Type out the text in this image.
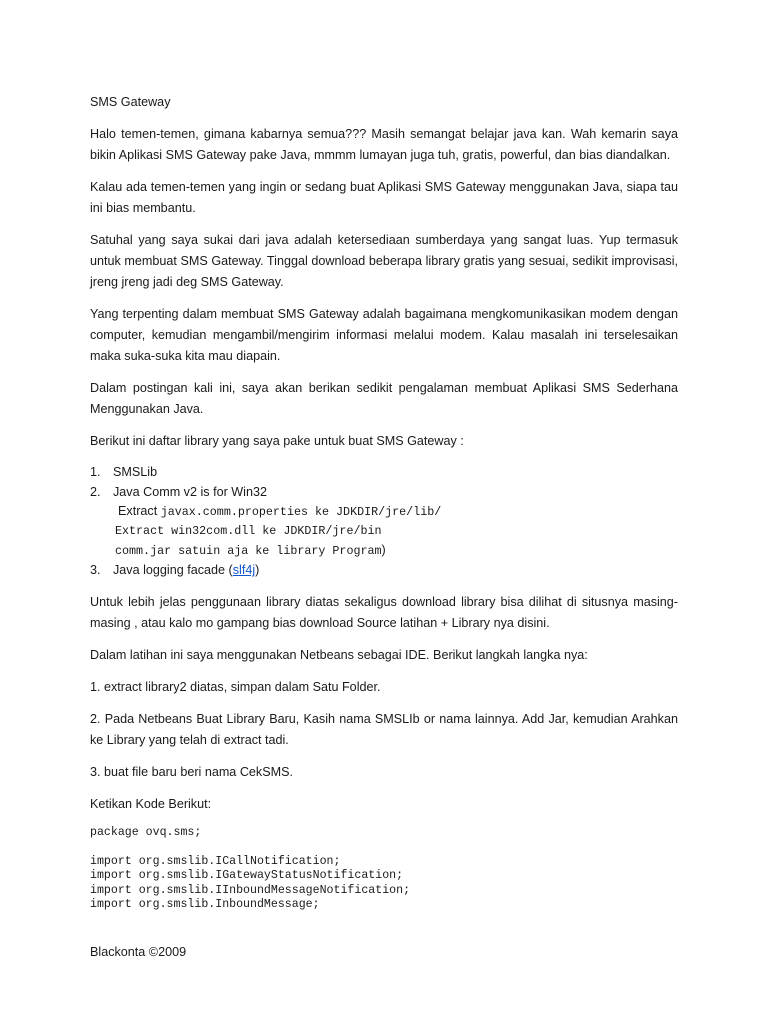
SMS Gateway

Halo temen-temen, gimana kabarnya semua??? Masih semangat belajar java kan. Wah kemarin saya bikin Aplikasi SMS Gateway pake Java, mmmm lumayan juga tuh, gratis, powerful, dan bias diandalkan.

Kalau ada temen-temen yang ingin or sedang buat Aplikasi SMS Gateway menggunakan Java, siapa tau ini bias membantu.

Satuhal yang saya sukai dari java adalah ketersediaan sumberdaya yang sangat luas. Yup termasuk untuk membuat SMS Gateway. Tinggal download beberapa library gratis yang sesuai, sedikit improvisasi, jreng jreng jadi deg SMS Gateway.

Yang terpenting dalam membuat SMS Gateway adalah bagaimana mengkomunikasikan modem dengan computer, kemudian mengambil/mengirim informasi melalui modem. Kalau masalah ini terselesaikan maka suka-suka kita mau diapain.

Dalam postingan kali ini, saya akan berikan sedikit pengalaman membuat Aplikasi SMS Sederhana Menggunakan Java.

Berikut ini daftar library yang saya pake untuk buat SMS Gateway :

1. SMSLib
2. Java Comm v2 is for Win32
Extract javax.comm.properties ke JDKDIR/jre/lib/
Extract win32com.dll ke JDKDIR/jre/bin
comm.jar satuin aja ke library Program)
3. Java logging facade (slf4j)

Untuk lebih jelas penggunaan library diatas sekaligus download library bisa dilihat di situsnya masing-masing , atau kalo mo gampang bias download Source latihan + Library nya disini.

Dalam latihan ini saya menggunakan Netbeans sebagai IDE. Berikut langkah langka nya:

1. extract library2 diatas, simpan dalam Satu Folder.

2. Pada Netbeans Buat Library Baru, Kasih nama SMSLIb or nama lainnya. Add Jar, kemudian Arahkan ke Library yang telah di extract tadi.

3. buat file baru beri nama CekSMS.

Ketikan Kode Berikut:

package ovq.sms;

import org.smslib.ICallNotification;
import org.smslib.IGatewayStatusNotification;
import org.smslib.IInboundMessageNotification;
import org.smslib.InboundMessage;
Blackonta ©2009
